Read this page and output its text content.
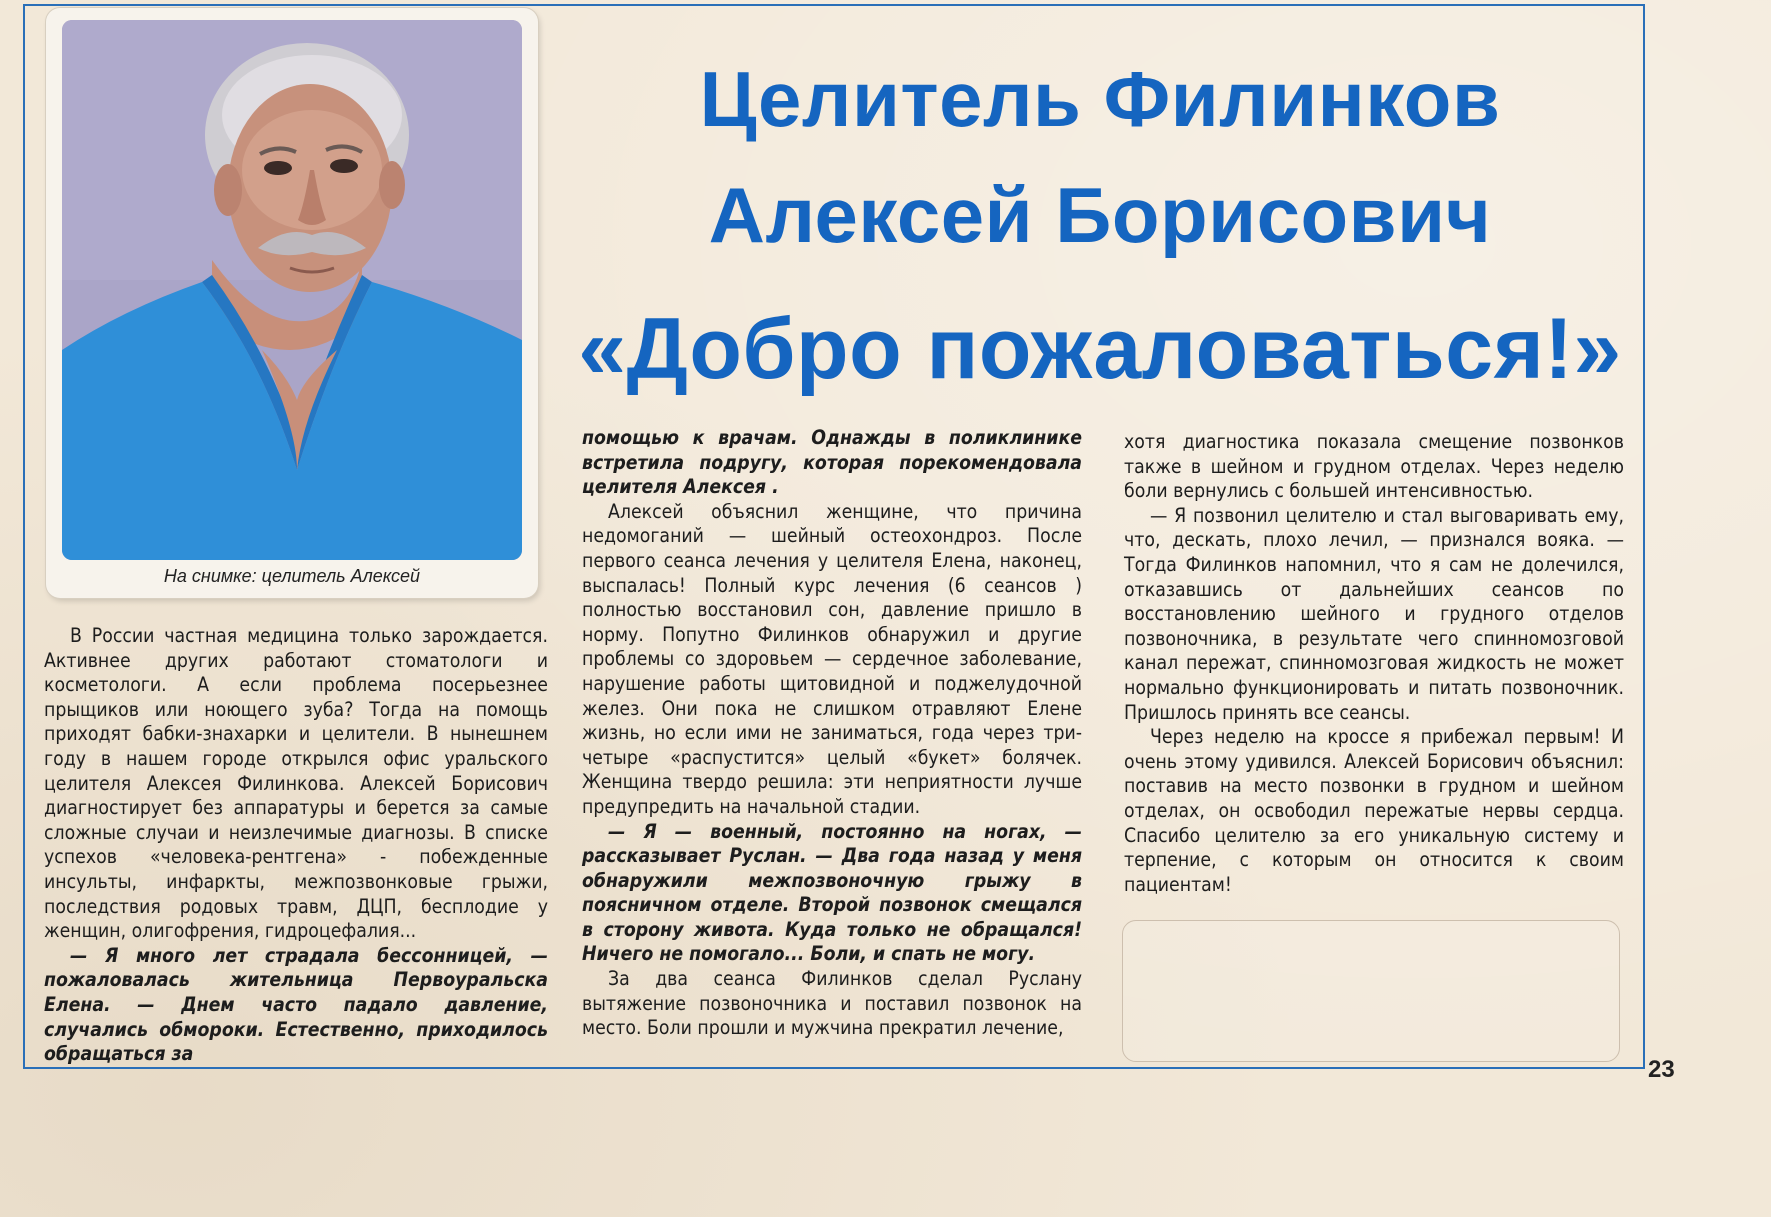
На снимке: целитель Алексей
Целитель Филинков
Алексей Борисович
«Добро пожаловаться!»

В России частная медицина только зарождается. Активнее других работают стоматологи и косметологи. А если проблема посерьезнее прыщиков или ноющего зуба? Тогда на помощь приходят бабки-знахарки и целители. В нынешнем году в нашем городе открылся офис уральского целителя Алексея Филинкова. Алексей Борисович диагностирует без аппаратуры и берется за самые сложные случаи и неизлечимые диагнозы. В списке успехов «человека-рентгена» - побежденные инсульты, инфаркты, межпозвонковые грыжи, последствия родовых травм, ДЦП, бесплодие у женщин, олигофрения, гидроцефалия...

— Я много лет страдала бессонницей, — пожаловалась жительница Первоуральска Елена. — Днем часто падало давление, случались обмороки. Естественно, приходилось обращаться за

помощью к врачам. Однажды в поликлинике встретила подругу, которая порекомендовала целителя Алексея .

Алексей объяснил женщине, что причина недомоганий — шейный остеохондроз. После первого сеанса лечения у целителя Елена, наконец, выспалась! Полный курс лечения (6 сеансов ) полностью восстановил сон, давление пришло в норму. Попутно Филинков обнаружил и другие проблемы со здоровьем — сердечное заболевание, нарушение работы щитовидной и поджелудочной желез. Они пока не слишком отравляют Елене жизнь, но если ими не заниматься, года через три-четыре «распустится» целый «букет» болячек. Женщина твердо решила: эти неприятности лучше предупредить на начальной стадии.

— Я — военный, постоянно на ногах, — рассказывает Руслан. — Два года назад у меня обнаружили межпозвоночную грыжу в поясничном отделе. Второй позвонок смещался в сторону живота. Куда только не обращался! Ничего не помогало... Боли, и спать не могу.

За два сеанса Филинков сделал Руслану вытяжение позвоночника и поставил позвонок на место. Боли прошли и мужчина прекратил лечение,

хотя диагностика показала смещение позвонков также в шейном и грудном отделах. Через неделю боли вернулись с большей интенсивностью.

— Я позвонил целителю и стал выговаривать ему, что, дескать, плохо лечил, — признался вояка. — Тогда Филинков напомнил, что я сам не долечился, отказавшись от дальнейших сеансов по восстановлению шейного и грудного отделов позвоночника, в результате чего спинномозговой канал пережат, спинномозговая жидкость не может нормально функционировать и питать позвоночник. Пришлось принять все сеансы.

Через неделю на кроссе я прибежал первым! И очень этому удивился. Алексей Борисович объяснил: поставив на место позвонки в грудном и шейном отделах, он освободил пережатые нервы сердца. Спасибо целителю за его уникальную систему и терпение, с которым он относится к своим пациентам!

23
